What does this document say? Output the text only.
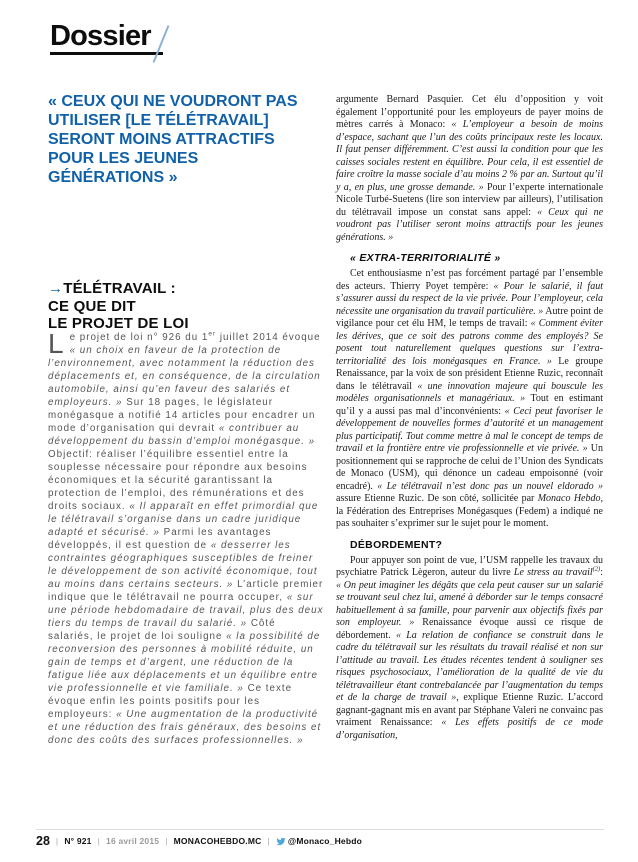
Dossier
« CEUX QUI NE VOUDRONT PAS UTILISER [LE TÉLÉTRAVAIL] SERONT MOINS ATTRACTIFS POUR LES JEUNES GÉNÉRATIONS »
→TÉLÉTRAVAIL :
CE QUE DIT
LE PROJET DE LOI
Le projet de loi n° 926 du 1er juillet 2014 évoque « un choix en faveur de la protection de l’environnement, avec notamment la réduction des déplacements et, en conséquence, de la circulation automobile, ainsi qu’en faveur des salariés et employeurs. » Sur 18 pages, le législateur monégasque a notifié 14 articles pour encadrer un mode d’organisation qui devrait « contribuer au développement du bassin d’emploi monégasque. » Objectif: réaliser l’équilibre essentiel entre la souplesse nécessaire pour répondre aux besoins économiques et la sécurité garantissant la protection de l’emploi, des rémunérations et des droits sociaux. « Il apparaît en effet primordial que le télétravail s’organise dans un cadre juridique adapté et sécurisé. » Parmi les avantages développés, il est question de « desserrer les contraintes géographiques susceptibles de freiner le développement de son activité économique, tout au moins dans certains secteurs. » L’article premier indique que le télétravail ne pourra occuper, « sur une période hebdomadaire de travail, plus des deux tiers du temps de travail du salarié. » Côté salariés, le projet de loi souligne « la possibilité de reconversion des personnes à mobilité réduite, un gain de temps et d’argent, une réduction de la fatigue liée aux déplacements et un équilibre entre vie professionnelle et vie familiale. » Ce texte évoque enfin les points positifs pour les employeurs: « Une augmentation de la productivité et une réduction des frais généraux, des besoins et donc des coûts des surfaces professionnelles. »

argumente Bernard Pasquier. Cet élu d’opposition y voit également l’opportunité pour les employeurs de payer moins de mètres carrés à Monaco: « L’employeur a besoin de moins d’espace, sachant que l’un des coûts principaux reste les locaux. Il faut penser différemment. C’est aussi la condition pour que les caisses sociales restent en équilibre. Pour cela, il est essentiel de faire croître la masse sociale d’au moins 2 % par an. Surtout qu’il y a, en plus, une grosse demande. » Pour l’experte internationale Nicole Turbé-Suetens (lire son interview par ailleurs), l’utilisation du télétravail impose un constat sans appel: « Ceux qui ne voudront pas l’utiliser seront moins attractifs pour les jeunes générations. »

« EXTRA-TERRITORIALITÉ »

Cet enthousiasme n’est pas forcément partagé par l’ensemble des acteurs. Thierry Poyet tempère: « Pour le salarié, il faut s’assurer aussi du respect de la vie privée. Pour l’employeur, cela nécessite une organisation du travail particulière. » Autre point de vigilance pour cet élu HM, le temps de travail: « Comment éviter les dérives, que ce soit des patrons comme des employés? Se posent tout naturellement quelques questions sur l’extra-territorialité des lois monégasques en France. » Le groupe Renaissance, par la voix de son président Etienne Ruzic, reconnaît dans le télétravail « une innovation majeure qui bouscule les modèles organisationnels et managériaux. » Tout en estimant qu’il y a aussi pas mal d’inconvénients: « Ceci peut favoriser le développement de nouvelles formes d’autorité et un management plus participatif. Tout comme mettre à mal le concept de temps de travail et la frontière entre vie professionnelle et vie privée. » Un positionnement qui se rapproche de celui de l’Union des Syndicats de Monaco (USM), qui dénonce un cadeau empoisonné (voir encadré). « Le télétravail n’est donc pas un nouvel eldorado » assure Etienne Ruzic. De son côté, sollicitée par Monaco Hebdo, la Fédération des Entreprises Monégasques (Fedem) a indiqué ne pas souhaiter s’exprimer sur le sujet pour le moment.

DÉBORDEMENT?

Pour appuyer son point de vue, l’USM rappelle les travaux du psychiatre Patrick Lègeron, auteur du livre Le stress au travail$^{(2)}$: « On peut imaginer les dégâts que cela peut causer sur un salarié se trouvant seul chez lui, amené à déborder sur le temps consacré habituellement à sa famille, pour parvenir aux objectifs fixés par son employeur. » Renaissance évoque aussi ce risque de débordement. « La relation de confiance se construit dans le cadre du télétravail sur les résultats du travail réalisé et non sur l’attitude au travail. Les études récentes tendent à souligner ses risques psychosociaux, l’amélioration de la qualité de vie du télétravailleur étant contrebalancée par l’augmentation du temps et de la charge de travail », explique Etienne Ruzic. L’accord gagnant-gagnant mis en avant par Stéphane Valeri ne convainc pas vraiment Renaissance: « Les effets positifs de ce mode d’organisation,

28 | N° 921 | 16 avril 2015 | MONACOHEBDO.MC | @Monaco_Hebdo
